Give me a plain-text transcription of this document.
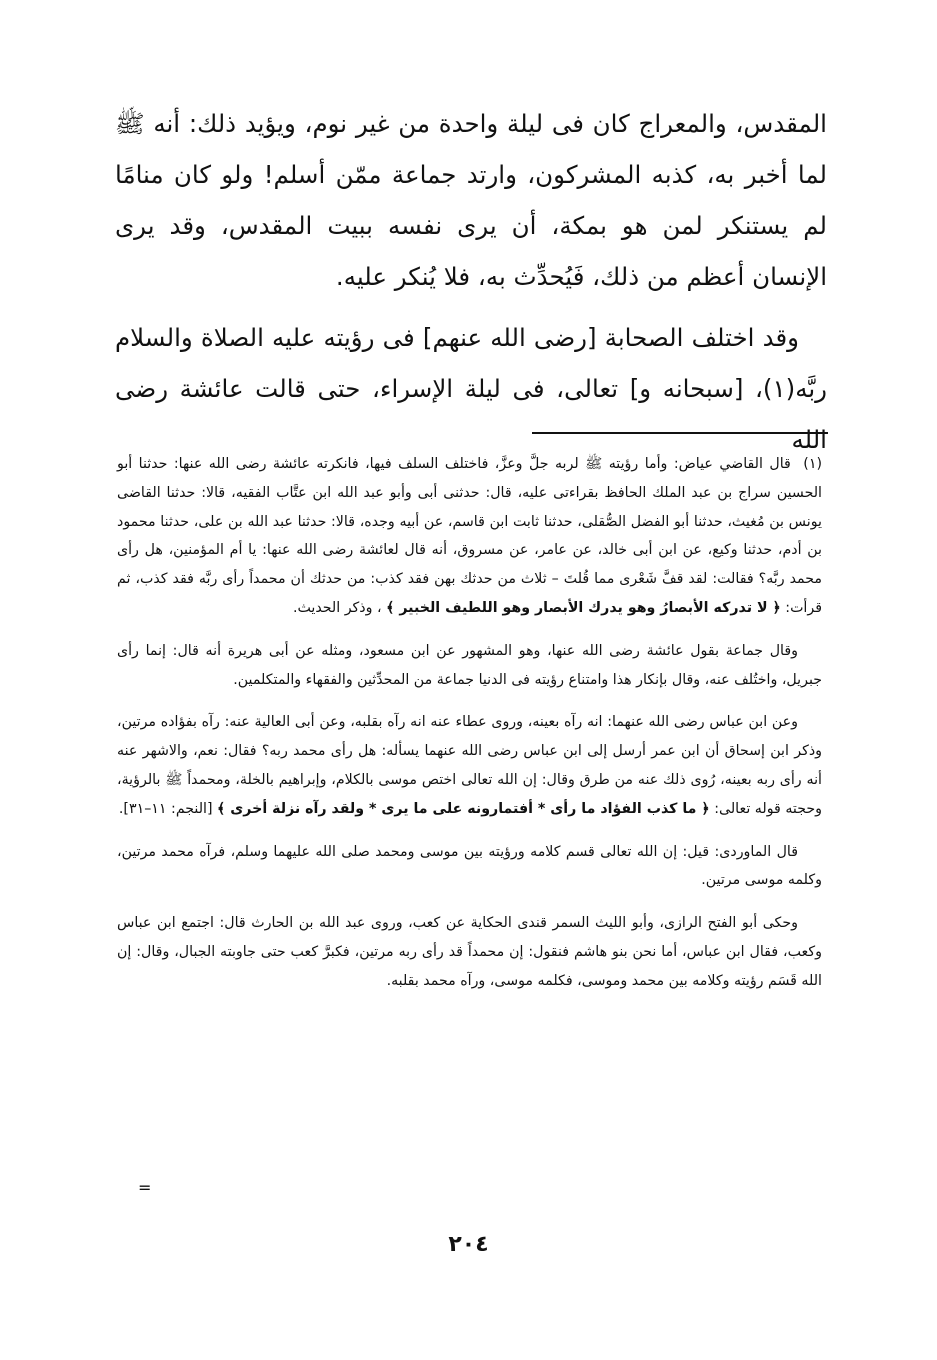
المقدس، والمعراج كان فى ليلة واحدة من غير نوم، ويؤيد ذلك: أنه ﷺ لما أخبر به، كذبه المشركون، وارتد جماعة ممّن أسلم! ولو كان منامًا لم يستنكر لمن هو بمكة، أن يرى نفسه ببيت المقدس، وقد يرى الإنسان أعظم من ذلك، فَيُحدِّث به، فلا يُنكر عليه.

وقد اختلف الصحابة [رضى الله عنهم] فى رؤيته عليه الصلاة والسلام ربَّه(١)، [سبحانه و] تعالى، فى ليلة الإسراء، حتى قالت عائشة رضى الله

(١) قال القاضي عياض: وأما رؤيته ﷺ لربه جلَّ وعزَّ، فاختلف السلف فيها، فانكرته عائشة رضى الله عنها: حدثنا أبو الحسين سراج بن عبد الملك الحافظ بقراءتى عليه، قال: حدثنى أبى وأبو عبد الله ابن عتَّاب الفقيه، قالا: حدثنا القاضى يونس بن مُغيث، حدثنا أبو الفضل الصُّقلى، حدثنا ثابت ابن قاسم، عن أبيه وجده، قالا: حدثنا عبد الله بن على، حدثنا محمود بن أدم، حدثنا وكيع، عن ابن أبى خالد، عن عامر، عن مسروق، أنه قال لعائشة رضى الله عنها: يا أم المؤمنين، هل رأى محمد ربَّه؟ فقالت: لقد قفَّ شَعْرى مما قُلتَ – ثلاث من حدثك بهن فقد كذب: من حدثك أن محمداً رأى ربَّه فقد كذب، ثم قرأت: ﴿ لا تدركه الأبصارُ وهو يدرك الأبصار وهو اللطيف الخبير ﴾ ، وذكر الحديث.

وقال جماعة بقول عائشة رضى الله عنها، وهو المشهور عن ابن مسعود، ومثله عن أبى هريرة أنه قال: إنما رأى جبريل، واختُلف عنه، وقال بإنكار هذا وامتناع رؤيته فى الدنيا جماعة من المحدِّثين والفقهاء والمتكلمين.

وعن ابن عباس رضى الله عنهما: انه رآه بعينه، وروى عطاء عنه انه رآه بقلبه، وعن أبى العالية عنه: رآه بفؤاده مرتين، وذكر ابن إسحاق أن ابن عمر أرسل إلى ابن عباس رضى الله عنهما يسأله: هل رأى محمد ربه؟ فقال: نعم، والاشهر عنه أنه رأى ربه بعينه، رُوى ذلك عنه من طرق وقال: إن الله تعالى اختص موسى بالكلام، وإبراهيم بالخلة، ومحمداً ﷺ بالرؤية، وحجته قوله تعالى: ﴿ ما كذب الفؤاد ما رأى * أفتمارونه على ما يرى * ولقد رآه نزلة أخرى ﴾ [النجم: ١١–٣١].

قال الماوردى: قيل: إن الله تعالى قسم كلامه ورؤيته بين موسى ومحمد صلى الله عليهما وسلم، فرآه محمد مرتين، وكلمه موسى مرتين.

وحكى أبو الفتح الرازى، وأبو الليث السمر قندى الحكاية عن كعب، وروى عبد الله بن الحارث قال: اجتمع ابن عباس وكعب، فقال ابن عباس، أما نحن بنو هاشم فنقول: إن محمداً قد رأى ربه مرتين، فكبرَّ كعب حتى جاوبته الجبال، وقال: إن الله قَسَم رؤيته وكلامه بين محمد وموسى، فكلمه موسى، ورآه محمد بقلبه.

=
٢٠٤
